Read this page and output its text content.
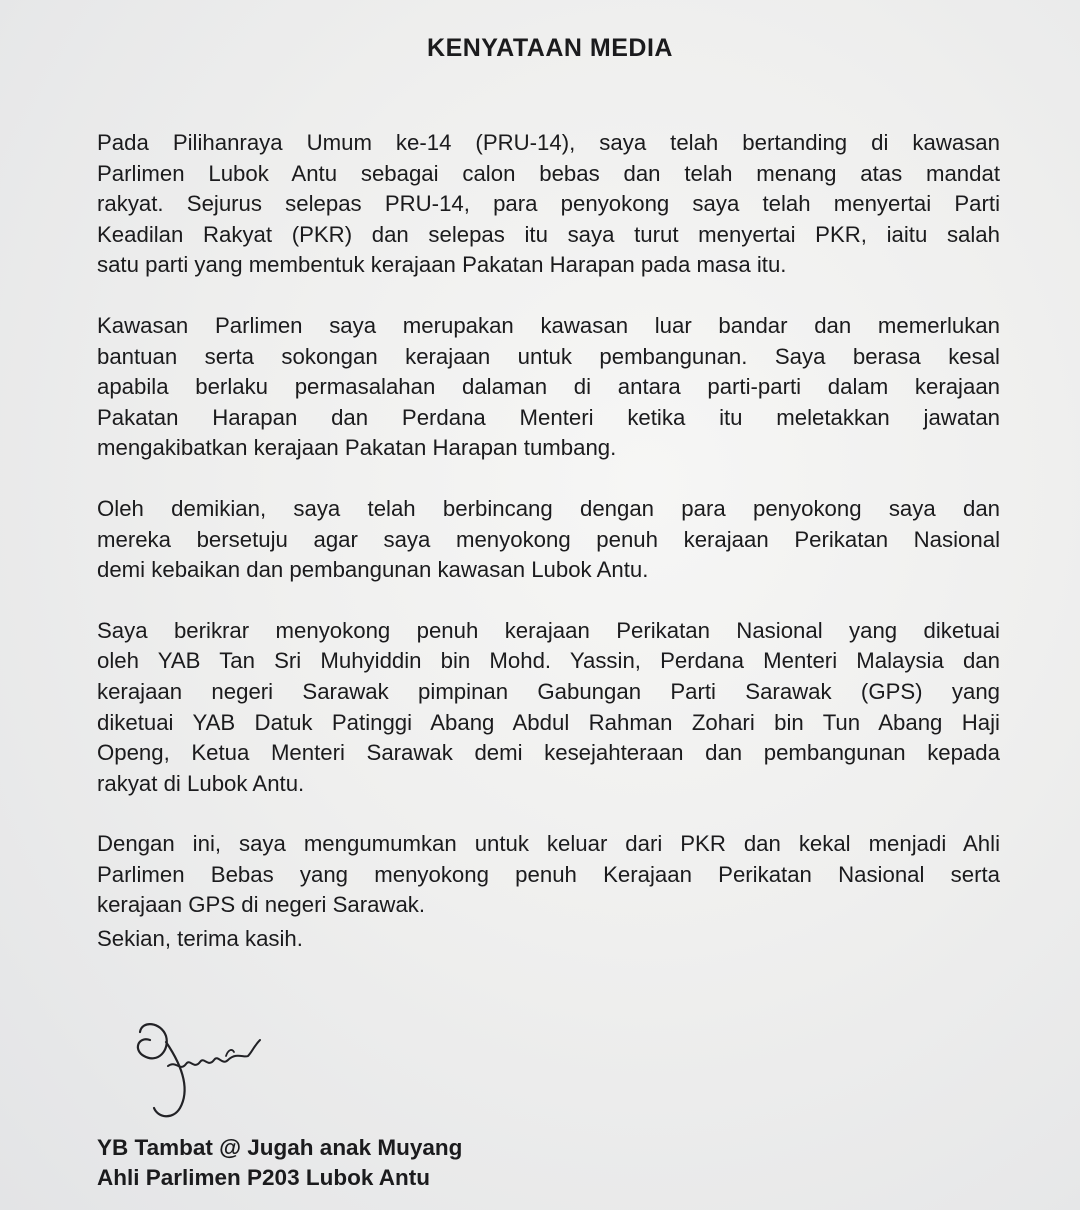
KENYATAAN MEDIA
Pada Pilihanraya Umum ke-14 (PRU-14), saya telah bertanding di kawasan
Parlimen Lubok Antu sebagai calon bebas dan telah menang atas mandat
rakyat. Sejurus selepas PRU-14, para penyokong saya telah menyertai Parti
Keadilan Rakyat (PKR) dan selepas itu saya turut menyertai PKR, iaitu salah
satu parti yang membentuk kerajaan Pakatan Harapan pada masa itu.
Kawasan Parlimen saya merupakan kawasan luar bandar dan memerlukan
bantuan serta sokongan kerajaan untuk pembangunan. Saya berasa kesal
apabila berlaku permasalahan dalaman di antara parti-parti dalam kerajaan
Pakatan Harapan dan Perdana Menteri ketika itu meletakkan jawatan
mengakibatkan kerajaan Pakatan Harapan tumbang.
Oleh demikian, saya telah berbincang dengan para penyokong saya dan
mereka bersetuju agar saya menyokong penuh kerajaan Perikatan Nasional
demi kebaikan dan pembangunan kawasan Lubok Antu.
Saya berikrar menyokong penuh kerajaan Perikatan Nasional yang diketuai
oleh YAB Tan Sri Muhyiddin bin Mohd. Yassin, Perdana Menteri Malaysia dan
kerajaan negeri Sarawak pimpinan Gabungan Parti Sarawak (GPS) yang
diketuai YAB Datuk Patinggi Abang Abdul Rahman Zohari bin Tun Abang Haji
Openg, Ketua Menteri Sarawak demi kesejahteraan dan pembangunan kepada
rakyat di Lubok Antu.
Dengan ini, saya mengumumkan untuk keluar dari PKR dan kekal menjadi Ahli
Parlimen Bebas yang menyokong penuh Kerajaan Perikatan Nasional serta
kerajaan GPS di negeri Sarawak.
Sekian, terima kasih.
YB Tambat @ Jugah anak Muyang
Ahli Parlimen P203 Lubok Antu
